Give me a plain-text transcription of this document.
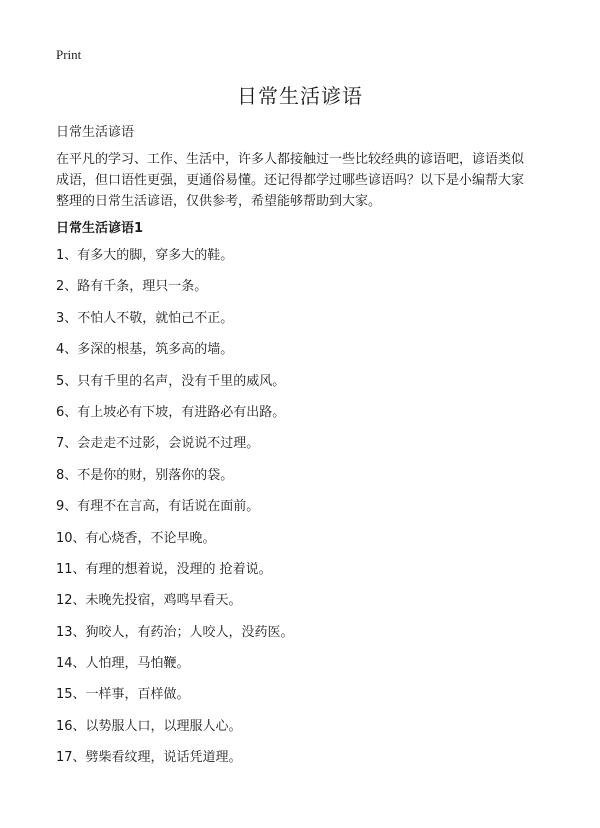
Print
日常生活谚语
日常生活谚语
在平凡的学习、工作、生活中，许多人都接触过一些比较经典的谚语吧，谚语类似
成语，但口语性更强，更通俗易懂。还记得都学过哪些谚语吗？以下是小编帮大家
整理的日常生活谚语，仅供参考，希望能够帮助到大家。
日常生活谚语1
1、有多大的脚，穿多大的鞋。
2、路有千条，理只一条。
3、不怕人不敬，就怕己不正。
4、多深的根基，筑多高的墙。
5、只有千里的名声，没有千里的威风。
6、有上坡必有下坡，有进路必有出路。
7、会走走不过影，会说说不过理。
8、不是你的财，别落你的袋。
9、有理不在言高，有话说在面前。
10、有心烧香，不论早晚。
11、有理的想着说，没理的 抢着说。
12、未晚先投宿，鸡鸣早看天。
13、狗咬人，有药治；人咬人，没药医。
14、人怕理，马怕鞭。
15、一样事，百样做。
16、以势服人口，以理服人心。
17、劈柴看纹理，说话凭道理。
